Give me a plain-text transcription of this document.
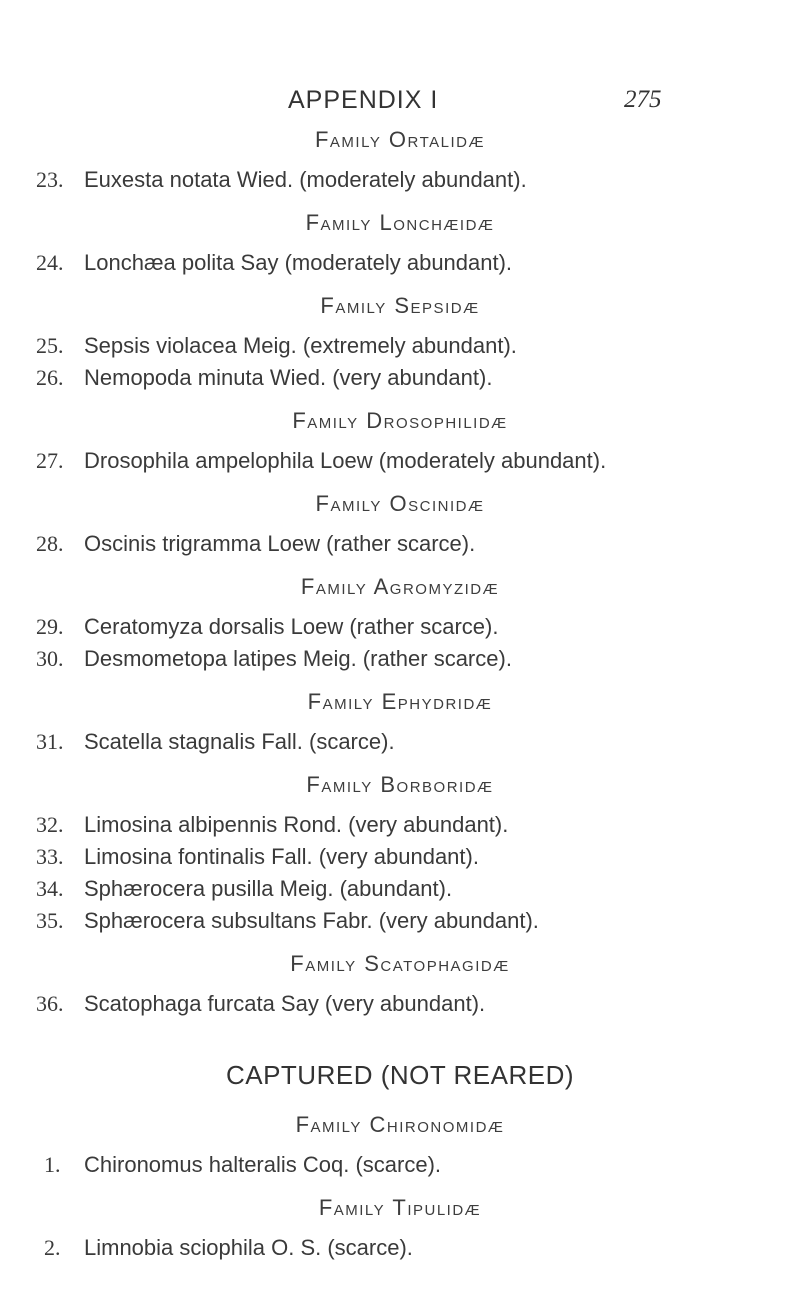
APPENDIX I	275
Family Ortalidæ
23. Euxesta notata Wied. (moderately abundant).
Family Lonchæidæ
24. Lonchæa polita Say (moderately abundant).
Family Sepsidæ
25. Sepsis violacea Meig. (extremely abundant).
26. Nemopoda minuta Wied. (very abundant).
Family Drosophilidæ
27. Drosophila ampelophila Loew (moderately abundant).
Family Oscinidæ
28. Oscinis trigramma Loew (rather scarce).
Family Agromyzidæ
29. Ceratomyza dorsalis Loew (rather scarce).
30. Desmometopa latipes Meig. (rather scarce).
Family Ephydridæ
31. Scatella stagnalis Fall. (scarce).
Family Borboridæ
32. Limosina albipennis Rond. (very abundant).
33. Limosina fontinalis Fall. (very abundant).
34. Sphærocera pusilla Meig. (abundant).
35. Sphærocera subsultans Fabr. (very abundant).
Family Scatophagidæ
36. Scatophaga furcata Say (very abundant).
CAPTURED (NOT REARED)
Family Chironomidæ
1. Chironomus halteralis Coq. (scarce).
Family Tipulidæ
2. Limnobia sciophila O. S. (scarce).
